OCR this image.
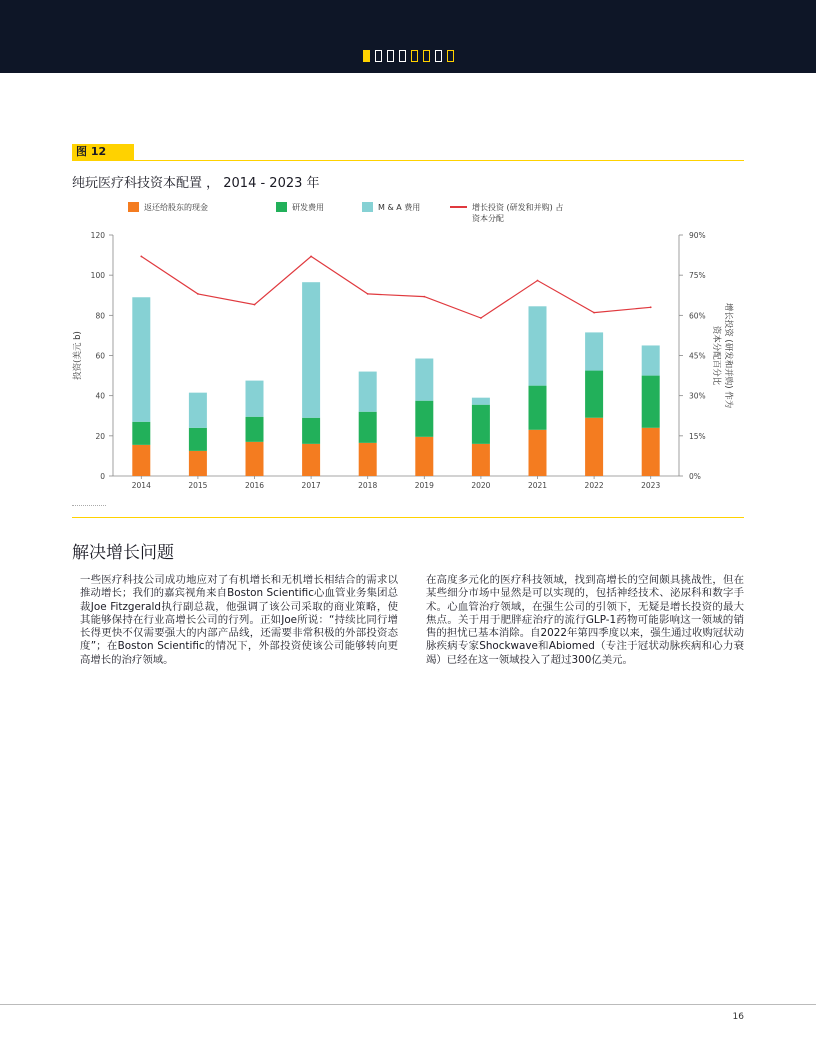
图 12
纯玩医疗科技资本配置 ， 2014 - 2023 年
返还给股东的现金	研发费用	M & A 费用	增长投资 (研发和并购) 占
资本分配
0
20
40
60
80
100
120
0%
15%
30%
45%
60%
75%
90%
2014	2015	2016	2017	2018	2019	2020	2021	2022	2023
投资(美元 b)	增长投资 (研发和并购) 作为
资本分配百分比
解决增长问题

一些医疗科技公司成功地应对了有机增长和无机增长相结合的需求以推动增长；我们的嘉宾视角来自Boston Scientific心血管业务集团总裁Joe Fitzgerald执行副总裁，他强调了该公司采取的商业策略，使其能够保持在行业高增长公司的行列。正如Joe所说：“持续比同行增长得更快不仅需要强大的内部产品线，还需要非常积极的外部投资态度”；在Boston Scientific的情况下，外部投资使该公司能够转向更高增长的治疗领域。

在高度多元化的医疗科技领域，找到高增长的空间颇具挑战性，但在某些细分市场中显然是可以实现的，包括神经技术、泌尿科和数字手术。心血管治疗领域，在强生公司的引领下，无疑是增长投资的最大焦点。关于用于肥胖症治疗的流行GLP-1药物可能影响这一领域的销售的担忧已基本消除。自2022年第四季度以来，强生通过收购冠状动脉疾病专家Shockwave和Abiomed（专注于冠状动脉疾病和心力衰竭）已经在这一领域投入了超过300亿美元。

16
